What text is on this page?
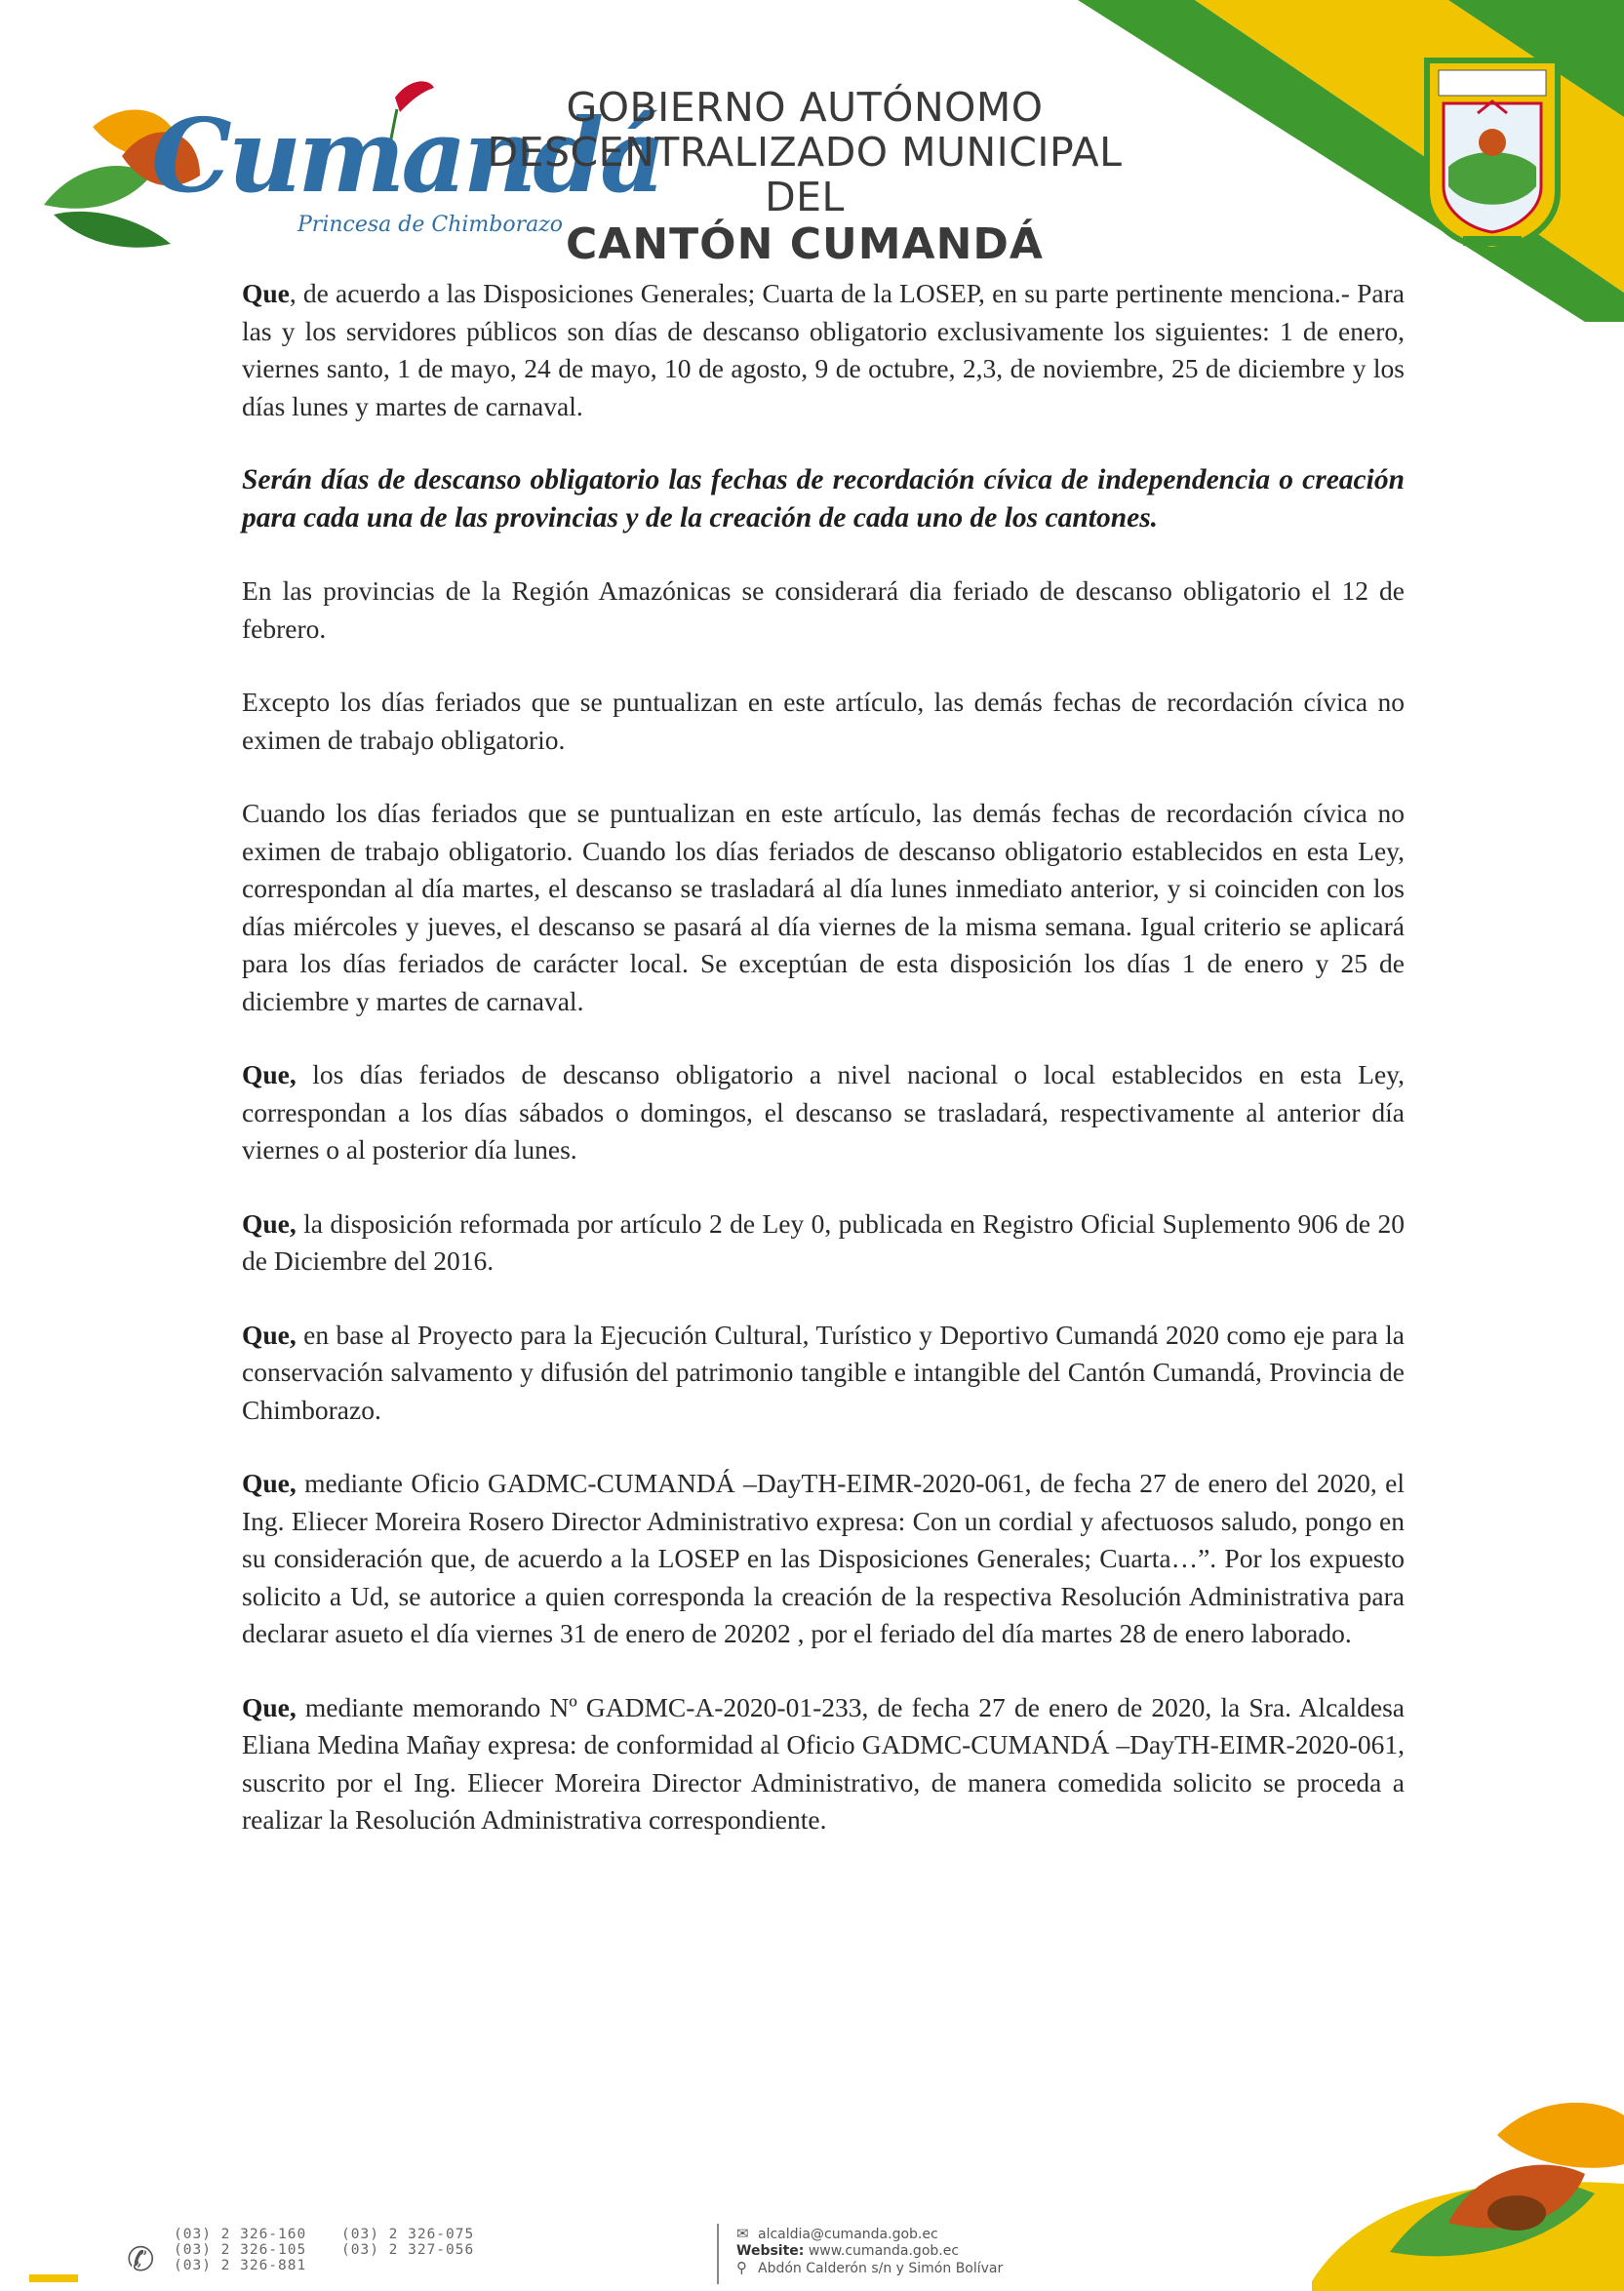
Cumandá
Princesa de Chimborazo
GOBIERNO AUTÓNOMO
DESCENTRALIZADO MUNICIPAL DEL
CANTÓN CUMANDÁ

Que, de acuerdo a las Disposiciones Generales; Cuarta de la LOSEP, en su parte pertinente menciona.- Para las y los servidores públicos son días de descanso obligatorio exclusivamente los siguientes: 1 de enero, viernes santo, 1 de mayo, 24 de mayo, 10 de agosto, 9 de octubre, 2,3, de noviembre, 25 de diciembre y los días lunes y martes de carnaval.

Serán días de descanso obligatorio las fechas de recordación cívica de independencia o creación para cada una de las provincias y de la creación de cada uno de los cantones.

En las provincias de la Región Amazónicas se considerará dia feriado de descanso obligatorio el 12 de febrero.

Excepto los días feriados que se puntualizan en este artículo, las demás fechas de recordación cívica no eximen de trabajo obligatorio.

Cuando los días feriados que se puntualizan en este artículo, las demás fechas de recordación cívica no eximen de trabajo obligatorio. Cuando los días feriados de descanso obligatorio establecidos en esta Ley, correspondan al día martes, el descanso se trasladará al día lunes inmediato anterior, y si coinciden con los días miércoles y jueves, el descanso se pasará al día viernes de la misma semana. Igual criterio se aplicará para los días feriados de carácter local. Se exceptúan de esta disposición los días 1 de enero y 25 de diciembre y martes de carnaval.

Que, los días feriados de descanso obligatorio a nivel nacional o local establecidos en esta Ley, correspondan a los días sábados o domingos, el descanso se trasladará, respectivamente al anterior día viernes o al posterior día lunes.

Que, la disposición reformada por artículo 2 de Ley 0, publicada en Registro Oficial Suplemento 906 de 20 de Diciembre del 2016.

Que, en base al Proyecto para la Ejecución Cultural, Turístico y Deportivo Cumandá 2020 como eje para la conservación salvamento y difusión del patrimonio tangible e intangible del Cantón Cumandá, Provincia de Chimborazo.

Que, mediante Oficio GADMC-CUMANDÁ –DayTH-EIMR-2020-061, de fecha 27 de enero del 2020, el Ing. Eliecer Moreira Rosero Director Administrativo expresa: Con un cordial y afectuosos saludo, pongo en su consideración que, de acuerdo a la LOSEP en las Disposiciones Generales; Cuarta…”. Por los expuesto solicito a Ud, se autorice a quien corresponda la creación de la respectiva Resolución Administrativa para declarar asueto el día viernes 31 de enero de 20202 , por el feriado del día martes 28 de enero laborado.

Que, mediante memorando Nº GADMC-A-2020-01-233, de fecha 27 de enero de 2020, la Sra. Alcaldesa Eliana Medina Mañay expresa: de conformidad al Oficio GADMC-CUMANDÁ –DayTH-EIMR-2020-061, suscrito por el Ing. Eliecer Moreira Director Administrativo, de manera comedida solicito se proceda a realizar la Resolución Administrativa correspondiente.

✆
(03) 2 326-160
(03) 2 326-105
(03) 2 326-881
(03) 2 326-075
(03) 2 327-056
✉ alcaldia@cumanda.gob.ec
Website: www.cumanda.gob.ec
⚲ Abdón Calderón s/n y Simón Bolívar
